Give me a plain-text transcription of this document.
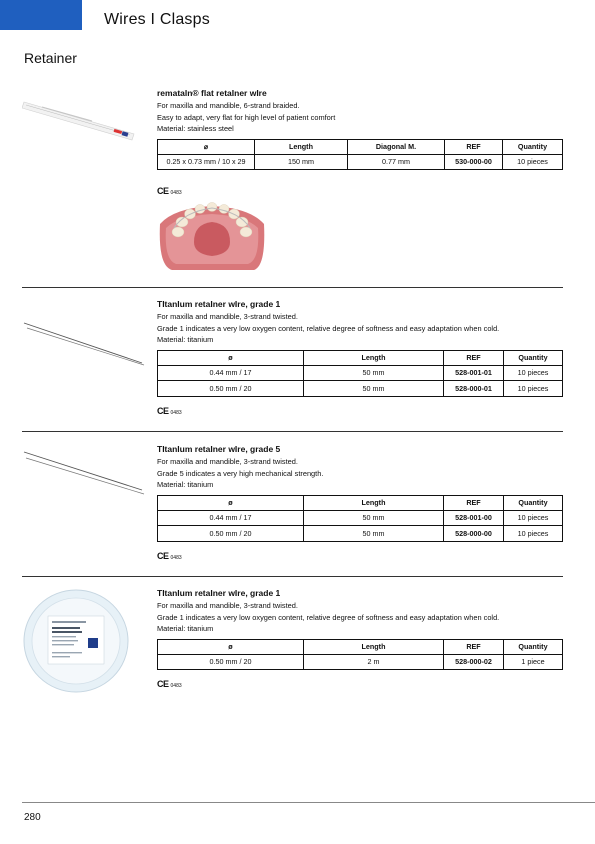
Wires I Clasps
Retainer
remataln® flat retaIner wIre
For maxilla and mandible, 6-strand braided.
Easy to adapt, very flat for high level of patient comfort
Material: stainless steel
⌀	Length	Diagonal M.	REF	Quantity
0.25 x 0.73 mm / 10 x 29	150 mm	0.77 mm	530-000-00	10 pieces
CE 0483
TItanIum retaIner wIre, grade 1
For maxilla and mandible, 3-strand twisted.
Grade 1 indicates a very low oxygen content, relative degree of softness and easy adaptation when cold.
Material: titanium
ø	Length	REF	Quantity
0.44 mm / 17	50 mm	528-001-01	10 pieces
0.50 mm / 20	50 mm	528-000-01	10 pieces
CE 0483
TItanIum retaIner wIre, grade 5
For maxilla and mandible, 3-strand twisted.
Grade 5 indicates a very high mechanical strength.
Material: titanium
ø	Length	REF	Quantity
0.44 mm / 17	50 mm	528-001-00	10 pieces
0.50 mm / 20	50 mm	528-000-00	10 pieces
CE 0483
TItanIum retaIner wIre, grade 1
For maxilla and mandible, 3-strand twisted.
Grade 1 indicates a very low oxygen content, relative degree of softness and easy adaptation when cold.
Material: titanium
ø	Length	REF	Quantity
0.50 mm / 20	2 m	528-000-02	1 piece
CE 0483
280
